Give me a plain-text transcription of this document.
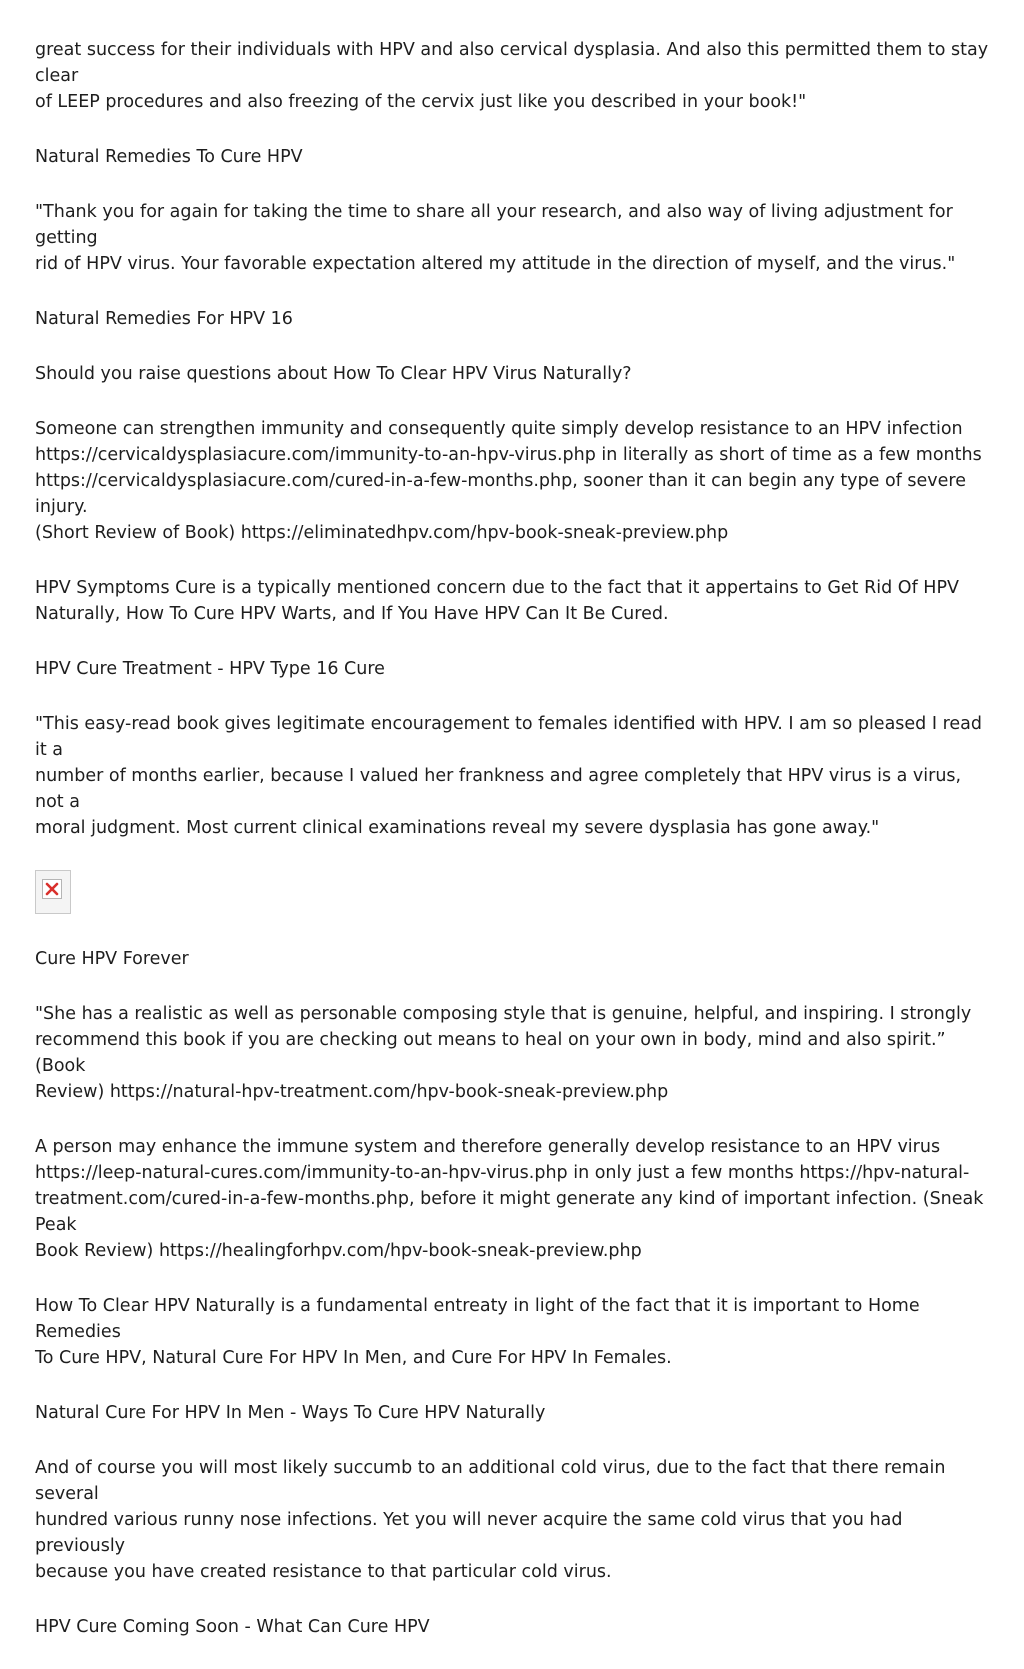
great success for their individuals with HPV and also cervical dysplasia. And also this permitted them to stay clear
of LEEP procedures and also freezing of the cervix just like you described in your book!"

Natural Remedies To Cure HPV

"Thank you for again for taking the time to share all your research, and also way of living adjustment for getting
rid of HPV virus. Your favorable expectation altered my attitude in the direction of myself, and the virus."

Natural Remedies For HPV 16

Should you raise questions about How To Clear HPV Virus Naturally?

Someone can strengthen immunity and consequently quite simply develop resistance to an HPV infection
https://cervicaldysplasiacure.com/immunity-to-an-hpv-virus.php in literally as short of time as a few months
https://cervicaldysplasiacure.com/cured-in-a-few-months.php, sooner than it can begin any type of severe injury.
(Short Review of Book) https://eliminatedhpv.com/hpv-book-sneak-preview.php

HPV Symptoms Cure is a typically mentioned concern due to the fact that it appertains to Get Rid Of HPV
Naturally, How To Cure HPV Warts, and If You Have HPV Can It Be Cured.

HPV Cure Treatment - HPV Type 16 Cure

"This easy-read book gives legitimate encouragement to females identified with HPV. I am so pleased I read it a
number of months earlier, because I valued her frankness and agree completely that HPV virus is a virus, not a
moral judgment. Most current clinical examinations reveal my severe dysplasia has gone away."

Cure HPV Forever

"She has a realistic as well as personable composing style that is genuine, helpful, and inspiring. I strongly
recommend this book if you are checking out means to heal on your own in body, mind and also spirit.” (Book
Review) https://natural-hpv-treatment.com/hpv-book-sneak-preview.php

A person may enhance the immune system and therefore generally develop resistance to an HPV virus
https://leep-natural-cures.com/immunity-to-an-hpv-virus.php in only just a few months https://hpv-natural-
treatment.com/cured-in-a-few-months.php, before it might generate any kind of important infection. (Sneak Peak
Book Review) https://healingforhpv.com/hpv-book-sneak-preview.php

How To Clear HPV Naturally is a fundamental entreaty in light of the fact that it is important to Home Remedies
To Cure HPV, Natural Cure For HPV In Men, and Cure For HPV In Females.

Natural Cure For HPV In Men - Ways To Cure HPV Naturally

And of course you will most likely succumb to an additional cold virus, due to the fact that there remain several
hundred various runny nose infections. Yet you will never acquire the same cold virus that you had previously
because you have created resistance to that particular cold virus.

HPV Cure Coming Soon - What Can Cure HPV
